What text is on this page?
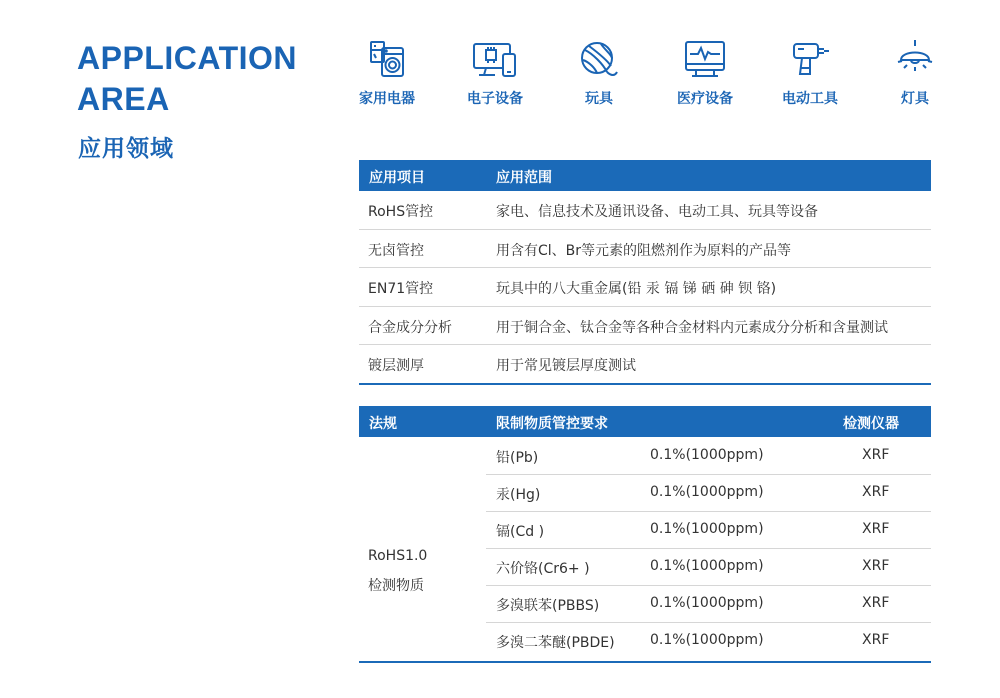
APPLICATION
AREA
应用领域
家用电器	电子设备	玩具	医疗设备	电动工具	灯具
应用项目	应用范围
RoHS管控	家电、信息技术及通讯设备、电动工具、玩具等设备
无卤管控	用含有Cl、Br等元素的阻燃剂作为原料的产品等
EN71管控	玩具中的八大重金属(铅 汞 镉 锑 硒 砷 钡 铬)
合金成分分析	用于铜合金、钛合金等各种合金材料内元素成分分析和含量测试
镀层测厚	用于常见镀层厚度测试
法规	限制物质管控要求	检测仪器
RoHS1.0
检测物质
铅(Pb)	0.1%(1000ppm)	XRF
汞(Hg)	0.1%(1000ppm)	XRF
镉(Cd )	0.1%(1000ppm)	XRF
六价铬(Cr6+ )	0.1%(1000ppm)	XRF
多溴联苯(PBBS)	0.1%(1000ppm)	XRF
多溴二苯醚(PBDE)	0.1%(1000ppm)	XRF
